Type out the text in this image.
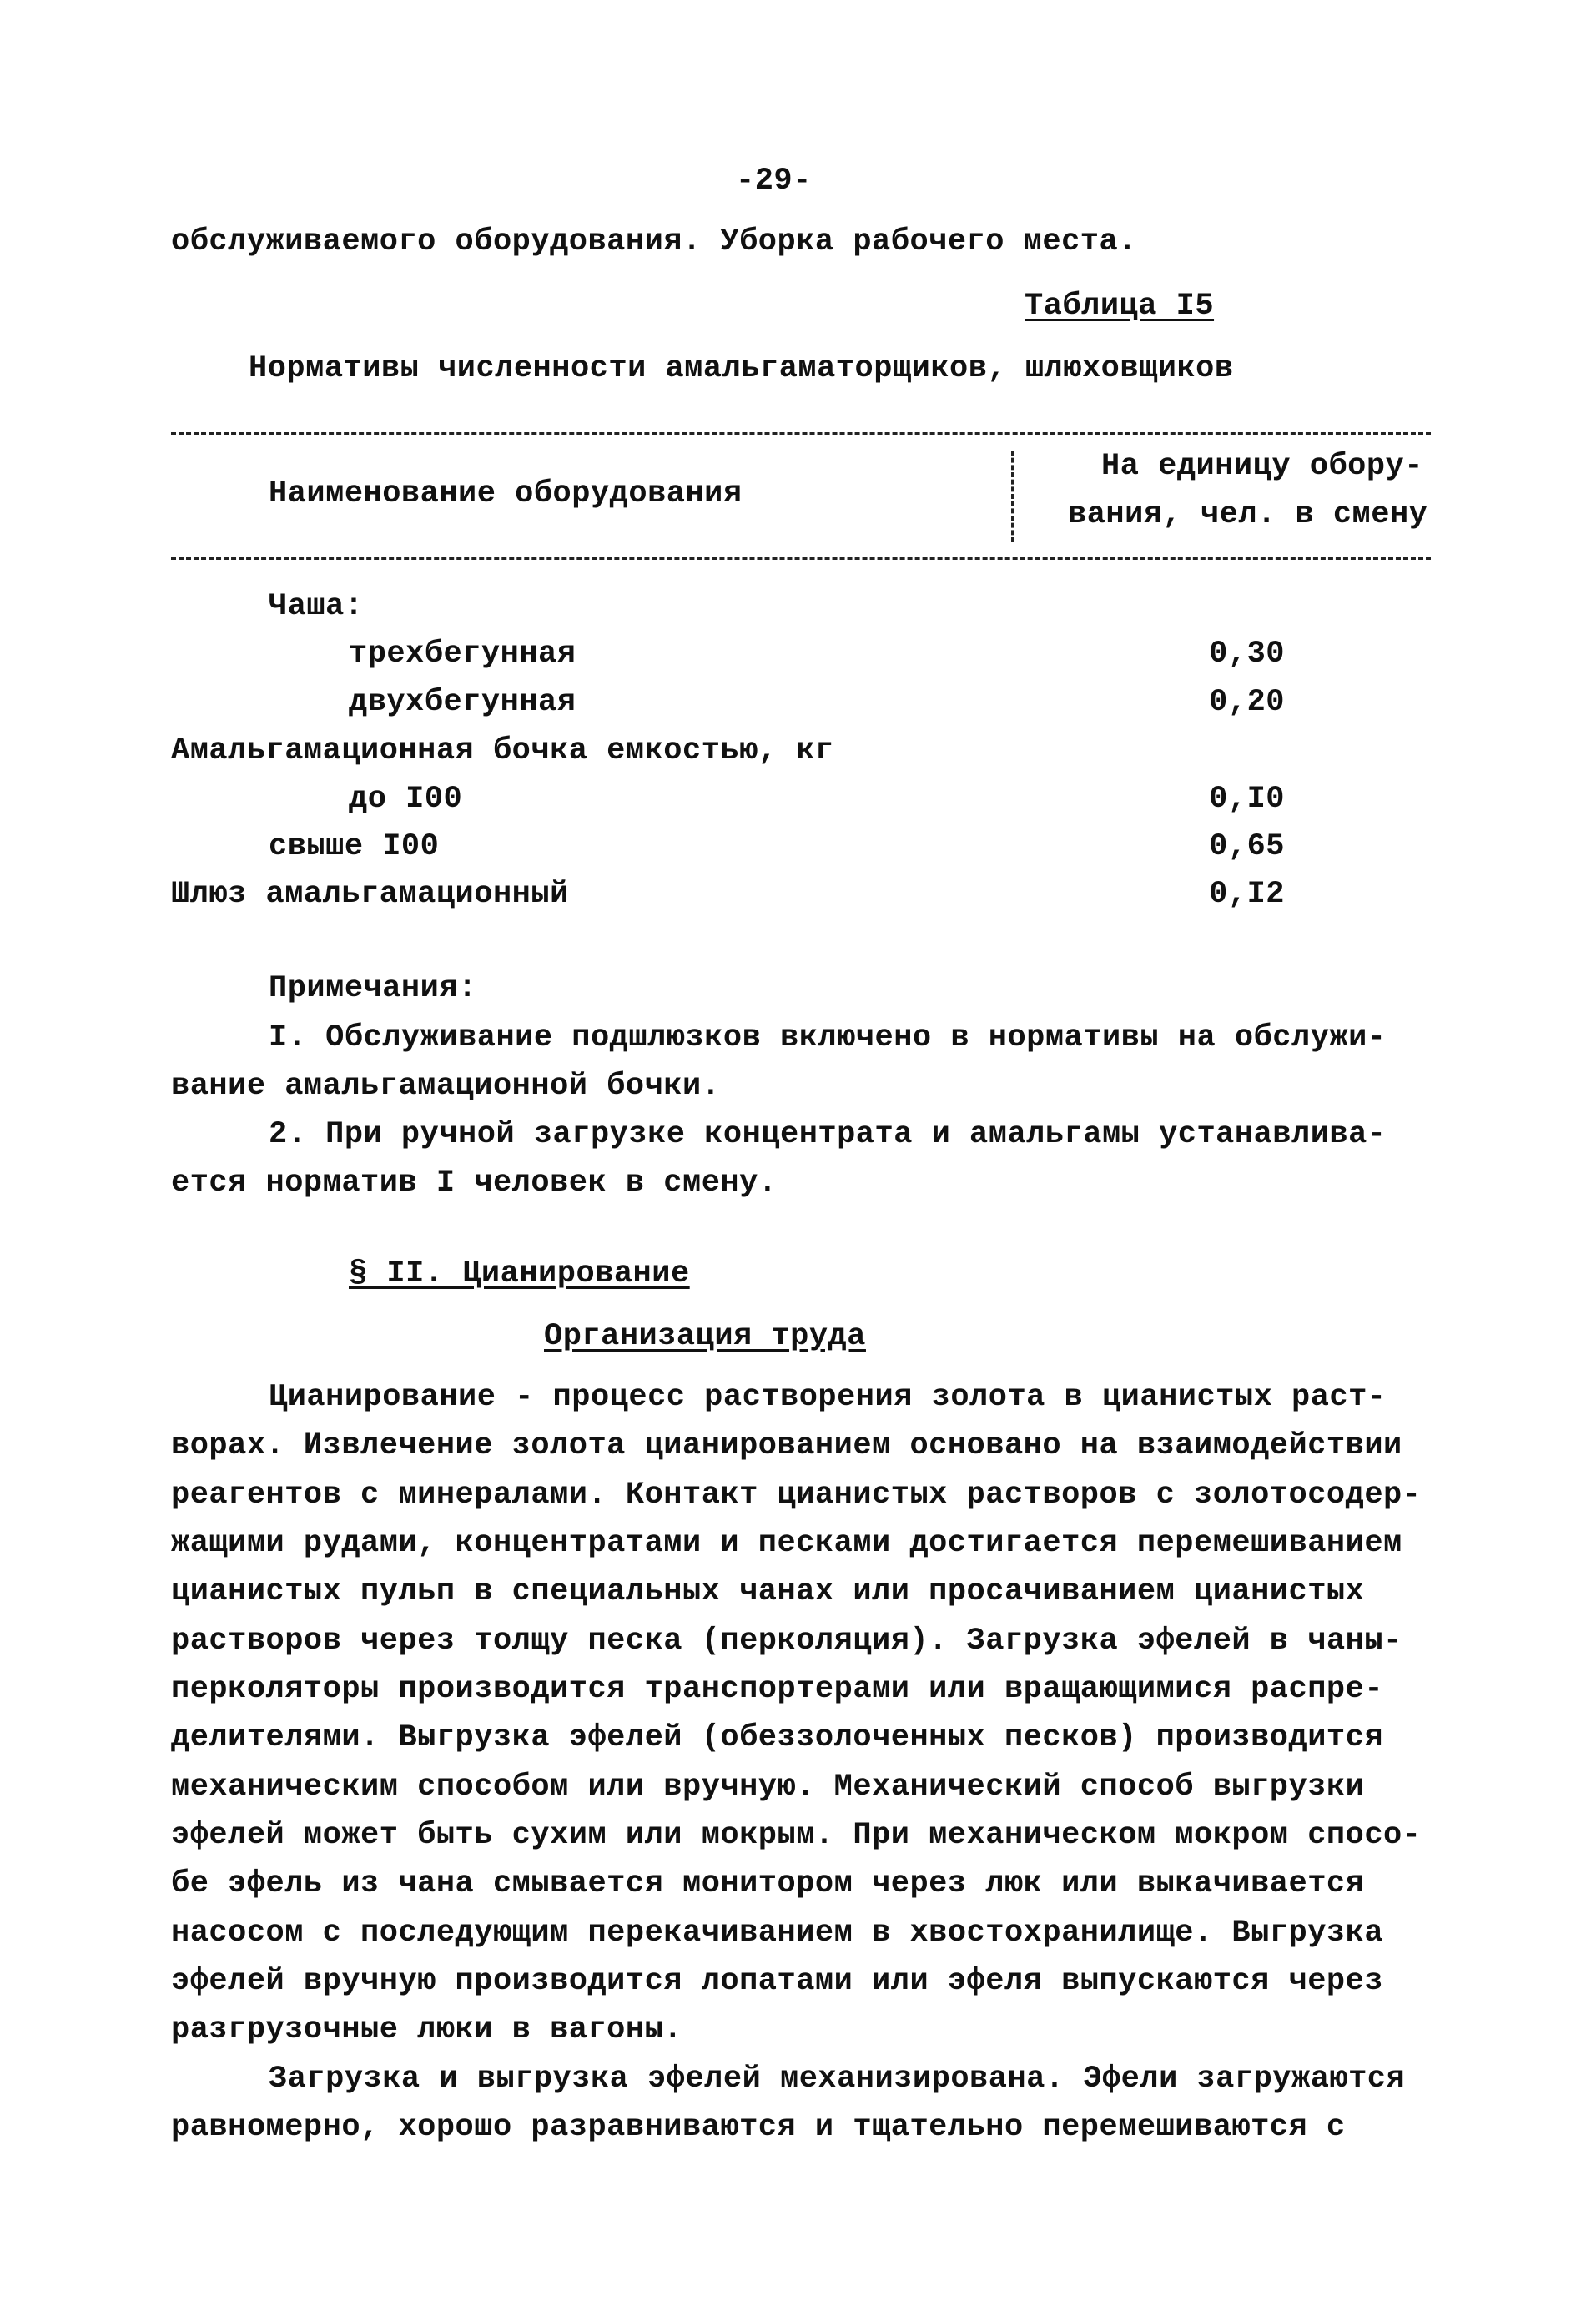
-29-
обслуживаемого оборудования. Уборка рабочего места.
Таблица I5
Нормативы численности амальгаматорщиков, шлюховщиков
Наименование оборудования
На единицу обору-
вания, чел. в смену
Чаша:
трехбегунная	0,30
двухбегунная	0,20
Амальгамационная бочка емкостью, кг
до I00	0,I0
свыше I00	0,65
Шлюз амальгамационный	0,I2
Примечания:
I. Обслуживание подшлюзков включено в нормативы на обслужи-
вание амальгамационной бочки.
2. При ручной загрузке концентрата и амальгамы устанавлива-
ется норматив I человек в смену.
§ II. Цианирование
Организация труда
Цианирование - процесс растворения золота в цианистых раст-
ворах. Извлечение золота цианированием основано на взаимодействии
реагентов с минералами. Контакт цианистых растворов с золотосодер-
жащими рудами, концентратами и песками достигается перемешиванием
цианистых пульп в специальных чанах или просачиванием цианистых
растворов через толщу песка (перколяция). Загрузка эфелей в чаны-
перколяторы производится транспортерами или вращающимися распре-
делителями. Выгрузка эфелей (обеззолоченных песков) производится
механическим способом или вручную. Механический способ выгрузки
эфелей может быть сухим или мокрым. При механическом мокром спосо-
бе эфель из чана смывается монитором через люк или выкачивается
насосом с последующим перекачиванием в хвостохранилище. Выгрузка
эфелей вручную производится лопатами или эфеля выпускаются через
разгрузочные люки в вагоны.
Загрузка и выгрузка эфелей механизирована. Эфели загружаются
равномерно, хорошо разравниваются и тщательно перемешиваются с
